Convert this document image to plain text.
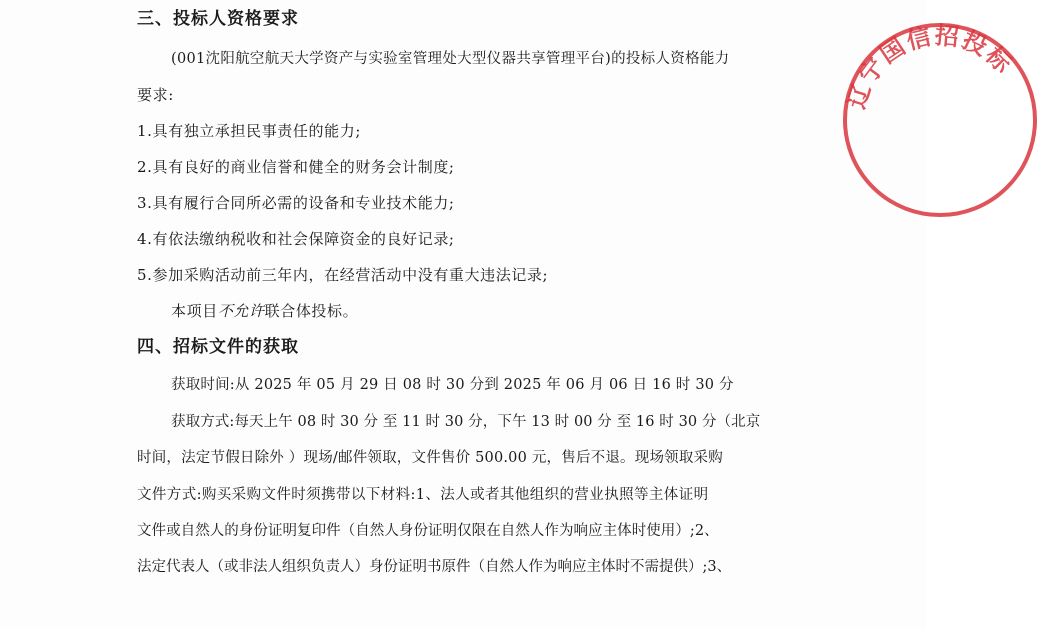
三、投标人资格要求
(001沈阳航空航天大学资产与实验室管理处大型仪器共享管理平台)的投标人资格能力
要求:
1.具有独立承担民事责任的能力;
2.具有良好的商业信誉和健全的财务会计制度;
3.具有履行合同所必需的设备和专业技术能力;
4.有依法缴纳税收和社会保障资金的良好记录;
5.参加采购活动前三年内，在经营活动中没有重大违法记录;
本项目不允许联合体投标。
四、招标文件的获取
获取时间:从 2025 年 05 月 29 日 08 时 30 分到 2025 年 06 月 06 日 16 时 30 分
获取方式:每天上午 08 时 30 分 至 11 时 30 分，下午 13 时 00 分 至 16 时 30 分（北京
时间，法定节假日除外 ）现场/邮件领取，文件售价 500.00 元，售后不退。现场领取采购
文件方式:购买采购文件时须携带以下材料:1、法人或者其他组织的营业执照等主体证明
文件或自然人的身份证明复印件（自然人身份证明仅限在自然人作为响应主体时使用）;2、
法定代表人（或非法人组织负责人）身份证明书原件（自然人作为响应主体时不需提供）;3、
辽宁国信招投标
